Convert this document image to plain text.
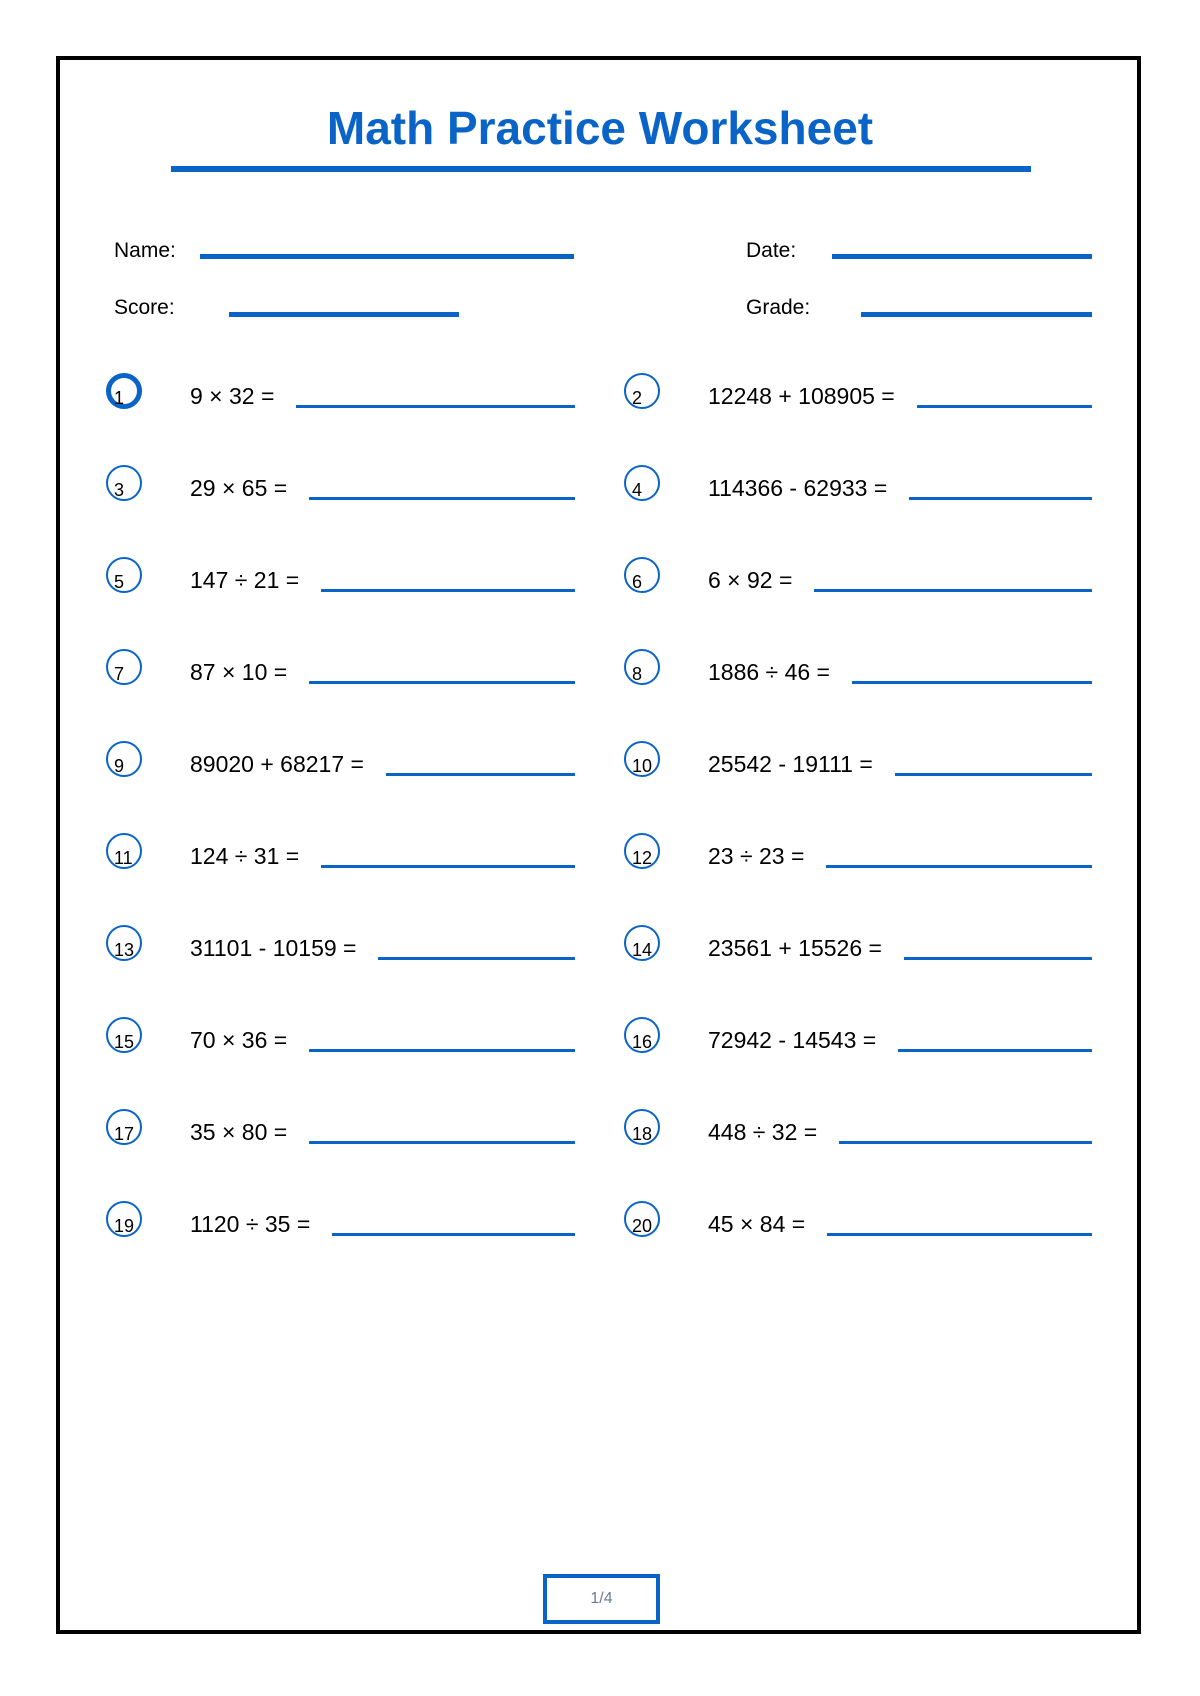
Math Practice Worksheet
Name:	Date:
Score:	Grade:
1	9 × 32 =	2	12248 + 108905 =
3	29 × 65 =	4	114366 - 62933 =
5	147 ÷ 21 =	6	6 × 92 =
7	87 × 10 =	8	1886 ÷ 46 =
9	89020 + 68217 =	10 25542 - 19111 =
11 124 ÷ 31 =	12 23 ÷ 23 =
13 31101 - 10159 =	14 23561 + 15526 =
15 70 × 36 =	16 72942 - 14543 =
17 35 × 80 =	18 448 ÷ 32 =
19 1120 ÷ 35 =	20 45 × 84 =
1/4
